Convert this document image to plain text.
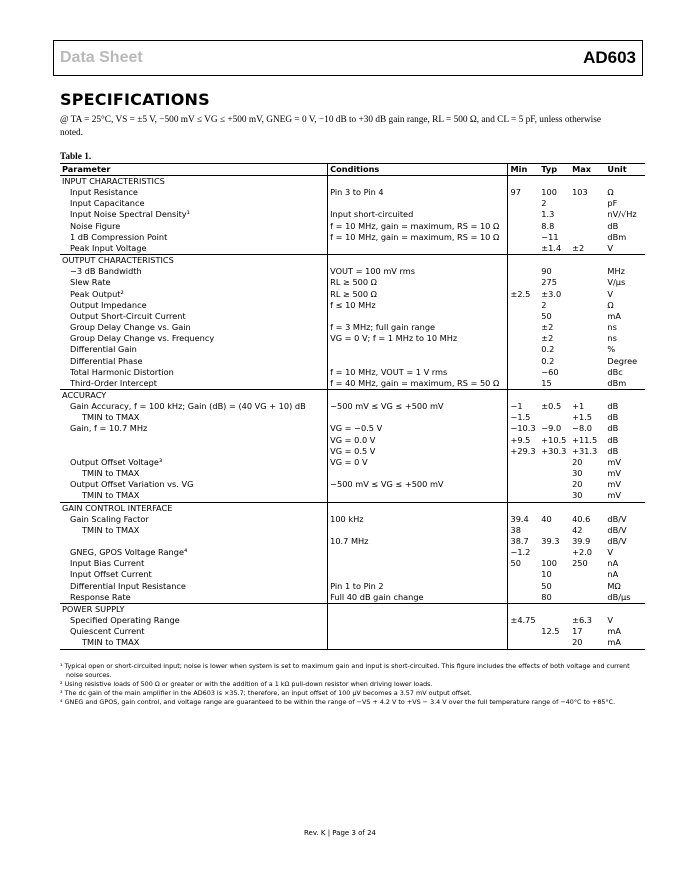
Data Sheet	AD603
SPECIFICATIONS
@ TA = 25°C, VS = ±5 V, −500 mV ≤ VG ≤ +500 mV, GNEG = 0 V, −10 dB to +30 dB gain range, RL = 500 Ω, and CL = 5 pF, unless otherwise noted.
Table 1.
Parameter	Conditions	Min	Typ	Max	Unit
INPUT CHARACTERISTICS					
Input Resistance	Pin 3 to Pin 4	97	100	103	Ω
Input Capacitance			2		pF
Input Noise Spectral Density¹	Input short-circuited		1.3		nV/√Hz
Noise Figure	f = 10 MHz, gain = maximum, RS = 10 Ω		8.8		dB
1 dB Compression Point	f = 10 MHz, gain = maximum, RS = 10 Ω		−11		dBm
Peak Input Voltage			±1.4	±2	V
OUTPUT CHARACTERISTICS					
−3 dB Bandwidth	VOUT = 100 mV rms		90		MHz
Slew Rate	RL ≥ 500 Ω		275		V/μs
Peak Output²	RL ≥ 500 Ω	±2.5	±3.0		V
Output Impedance	f ≤ 10 MHz		2		Ω
Output Short-Circuit Current			50		mA
Group Delay Change vs. Gain	f = 3 MHz; full gain range		±2		ns
Group Delay Change vs. Frequency	VG = 0 V; f = 1 MHz to 10 MHz		±2		ns
Differential Gain			0.2		%
Differential Phase			0.2		Degree
Total Harmonic Distortion	f = 10 MHz, VOUT = 1 V rms		−60		dBc
Third-Order Intercept	f = 40 MHz, gain = maximum, RS = 50 Ω		15		dBm
ACCURACY					
Gain Accuracy, f = 100 kHz; Gain (dB) = (40 VG + 10) dB	−500 mV ≤ VG ≤ +500 mV	−1	±0.5	+1	dB
TMIN to TMAX		−1.5		+1.5	dB
Gain, f = 10.7 MHz	VG = −0.5 V	−10.3	−9.0	−8.0	dB
	VG = 0.0 V	+9.5	+10.5	+11.5	dB
	VG = 0.5 V	+29.3	+30.3	+31.3	dB
Output Offset Voltage³	VG = 0 V			20	mV
TMIN to TMAX				30	mV
Output Offset Variation vs. VG	−500 mV ≤ VG ≤ +500 mV			20	mV
TMIN to TMAX				30	mV
GAIN CONTROL INTERFACE					
Gain Scaling Factor	100 kHz	39.4	40	40.6	dB/V
TMIN to TMAX		38		42	dB/V
	10.7 MHz	38.7	39.3	39.9	dB/V
GNEG, GPOS Voltage Range⁴		−1.2		+2.0	V
Input Bias Current		50	100	250	nA
Input Offset Current			10		nA
Differential Input Resistance	Pin 1 to Pin 2		50		MΩ
Response Rate	Full 40 dB gain change		80		dB/μs
POWER SUPPLY					
Specified Operating Range		±4.75		±6.3	V
Quiescent Current			12.5	17	mA
TMIN to TMAX				20	mA
¹ Typical open or short-circuited input; noise is lower when system is set to maximum gain and input is short-circuited. This figure includes the effects of both voltage and current noise sources.
² Using resistive loads of 500 Ω or greater or with the addition of a 1 kΩ pull-down resistor when driving lower loads.
³ The dc gain of the main amplifier in the AD603 is ×35.7; therefore, an input offset of 100 μV becomes a 3.57 mV output offset.
⁴ GNEG and GPOS, gain control, and voltage range are guaranteed to be within the range of −VS + 4.2 V to +VS − 3.4 V over the full temperature range of −40°C to +85°C.
Rev. K | Page 3 of 24
